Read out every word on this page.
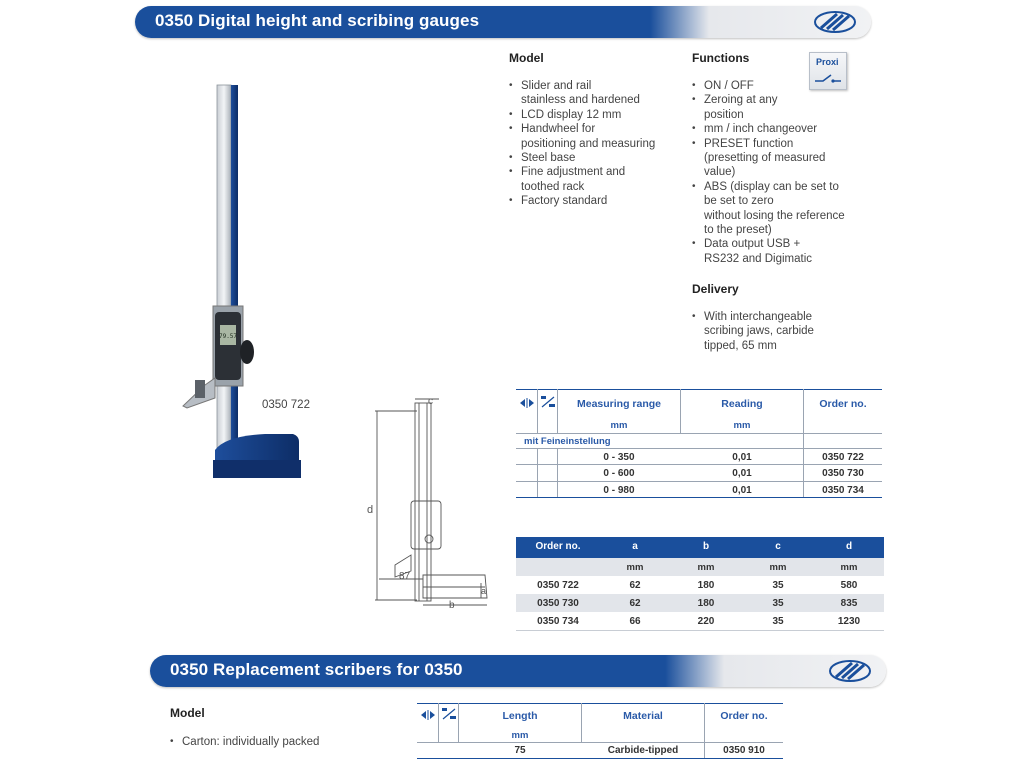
0350 Digital height and scribing gauges
79.57
0350 722	c
d
a
b
87
Model
• Slider and rail
stainless and hardened
• LCD display 12 mm
• Handwheel for
positioning and measuring
• Steel base
• Fine adjustment and
toothed rack
• Factory standard
Functions	Proxi
• ON / OFF
• Zeroing at any
position
• mm / inch changeover
• PRESET function
(presetting of measured
value)
• ABS (display can be set to
be set to zero
without losing the reference
to the preset)
• Data output USB +
RS232 and Digimatic
Delivery
• With interchangeable
scribing jaws, carbide
tipped, 65 mm
Measuring range	Reading	Order no.
mm	mm
mit Feineinstellung
0 - 350	0,01	0350 722
0 - 600	0,01	0350 730
0 - 980	0,01	0350 734
Order no.	a	b	c	d
mm	mm	mm	mm
0350 722	62	180	35	580
0350 730	62	180	35	835
0350 734	66	220	35	1230
0350 Replacement scribers for 0350
Model
• Carton: individually packed
Length	Material	Order no.
mm
75	Carbide-tipped	0350 910
